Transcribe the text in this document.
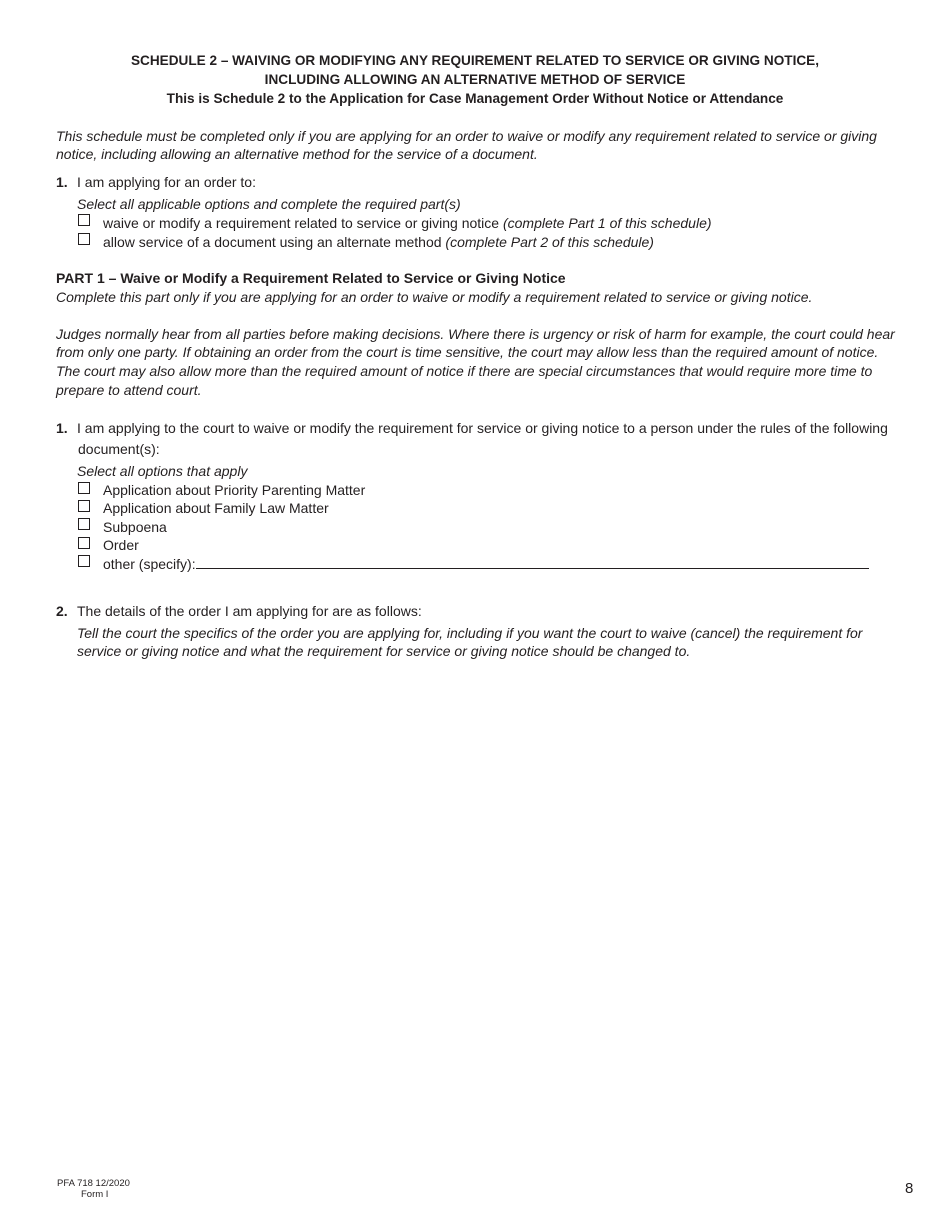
SCHEDULE 2 – WAIVING OR MODIFYING ANY REQUIREMENT RELATED TO SERVICE OR GIVING NOTICE,
INCLUDING ALLOWING AN ALTERNATIVE METHOD OF SERVICE
This is Schedule 2 to the Application for Case Management Order Without Notice or Attendance
This schedule must be completed only if you are applying for an order to waive or modify any requirement related to service or giving
notice, including allowing an alternative method for the service of a document.
1. I am applying for an order to:
Select all applicable options and complete the required part(s)
waive or modify a requirement related to service or giving notice (complete Part 1 of this schedule)
allow service of a document using an alternate method (complete Part 2 of this schedule)
PART 1 – Waive or Modify a Requirement Related to Service or Giving Notice
Complete this part only if you are applying for an order to waive or modify a requirement related to service or giving notice.
Judges normally hear from all parties before making decisions. Where there is urgency or risk of harm for example, the court could hear
from only one party. If obtaining an order from the court is time sensitive, the court may allow less than the required amount of notice.
The court may also allow more than the required amount of notice if there are special circumstances that would require more time to
prepare to attend court.
1. I am applying to the court to waive or modify the requirement for service or giving notice to a person under the rules of the following
document(s):
Select all options that apply
Application about Priority Parenting Matter
Application about Family Law Matter
Subpoena
Order
other (specify):
2. The details of the order I am applying for are as follows:
Tell the court the specifics of the order you are applying for, including if you want the court to waive (cancel) the requirement for
service or giving notice and what the requirement for service or giving notice should be changed to.
PFA 718 12/2020
Form I	8
